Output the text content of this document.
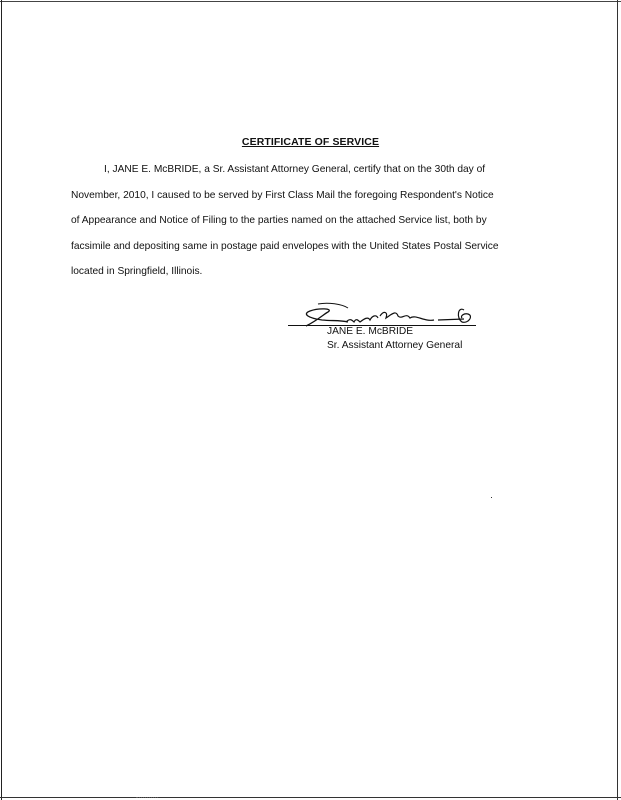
CERTIFICATE OF SERVICE

I, JANE E. McBRIDE, a Sr. Assistant Attorney General, certify that on the 30th day of
November, 2010, I caused to be served by First Class Mail the foregoing Respondent's Notice
of Appearance and Notice of Filing to the parties named on the attached Service list, both by
facsimile and depositing same in postage paid envelopes with the United States Postal Service
located in Springfield, Illinois.

JANE E. McBRIDE
Sr. Assistant Attorney General
